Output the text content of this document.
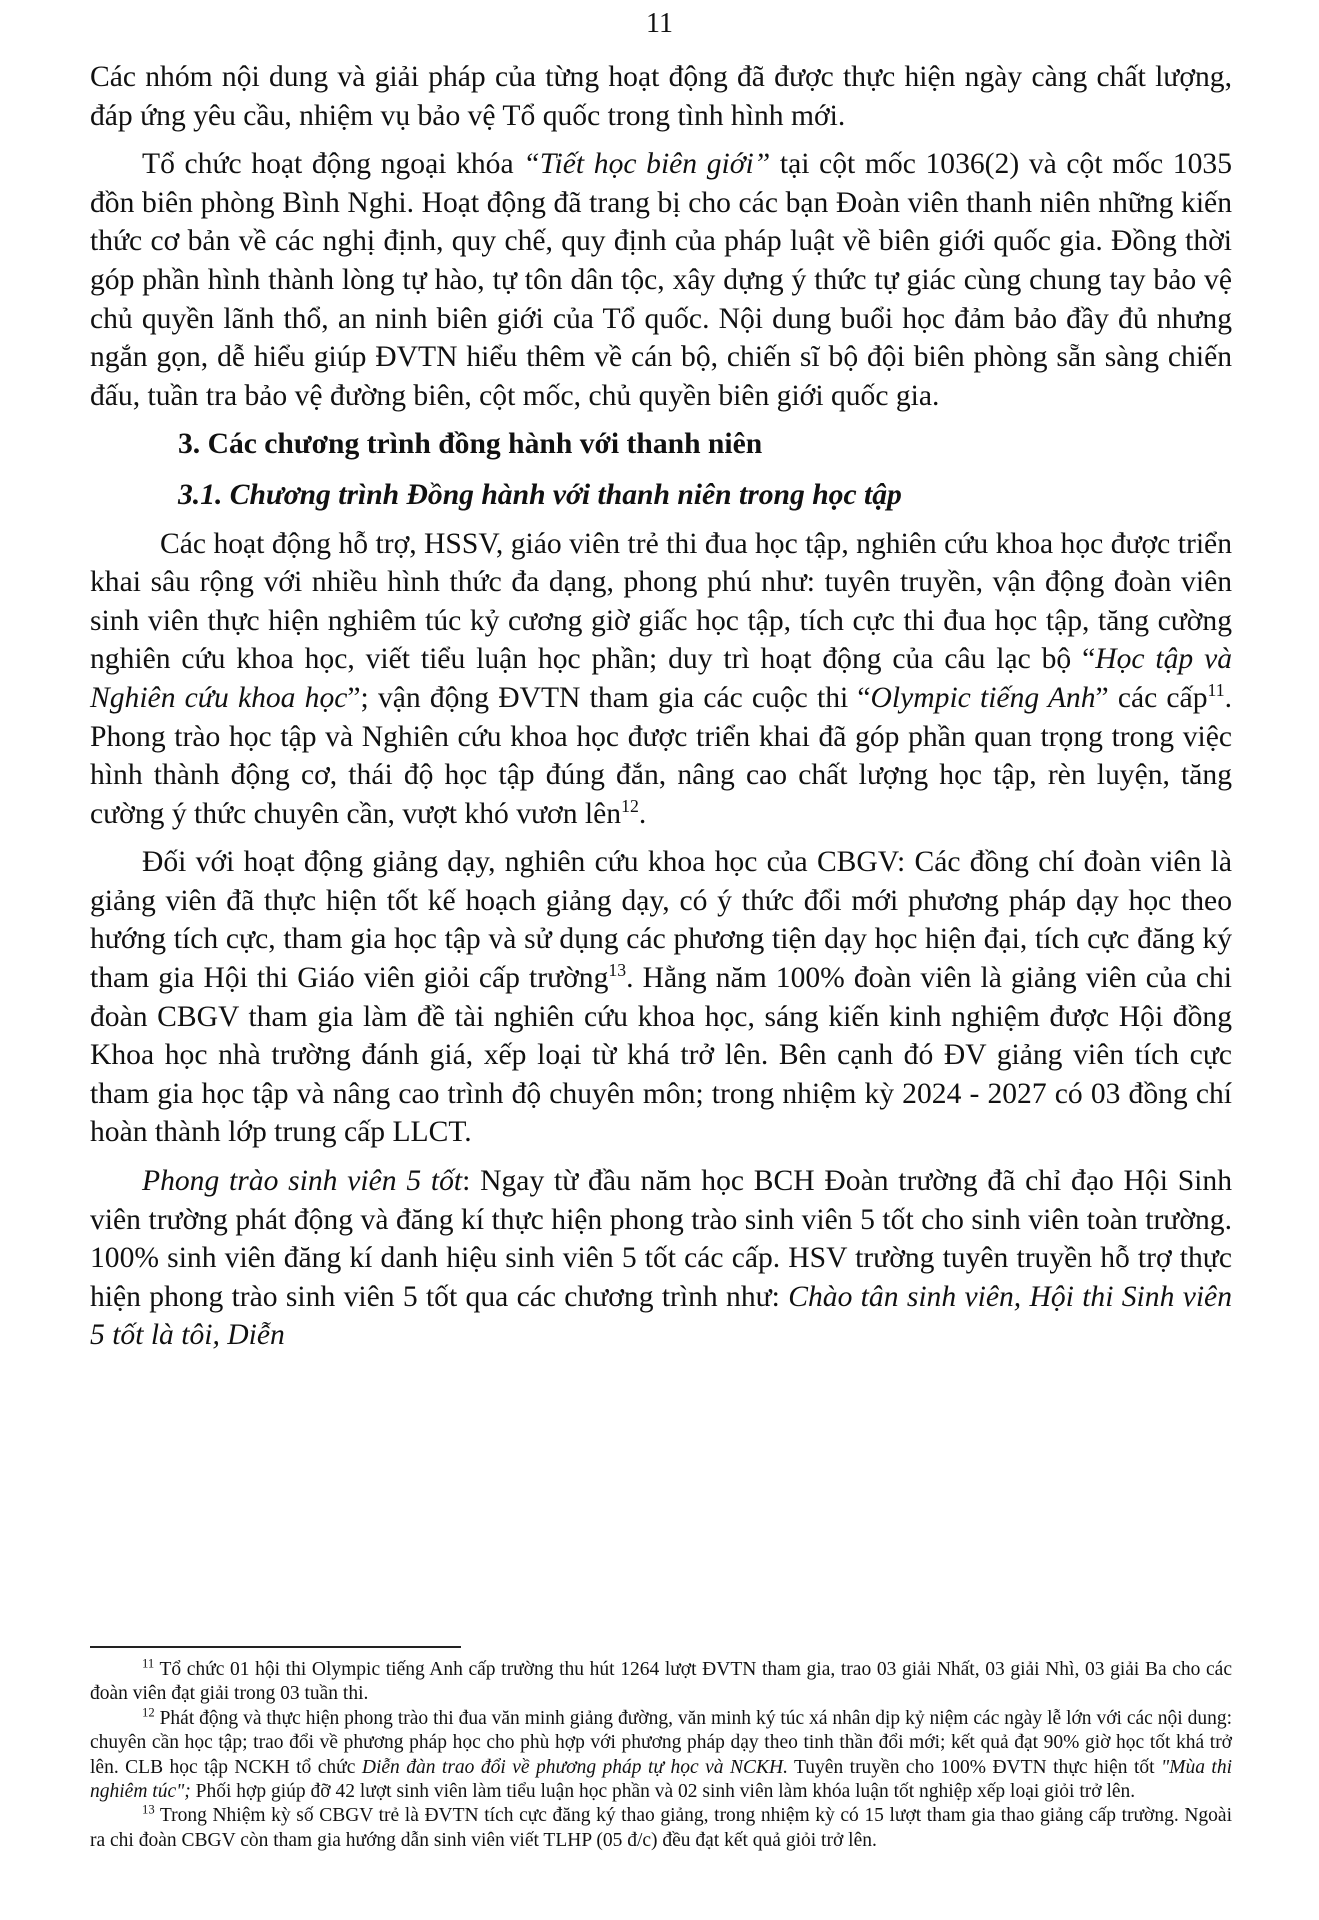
11

Các nhóm nội dung và giải pháp của từng hoạt động đã được thực hiện ngày càng chất lượng, đáp ứng yêu cầu, nhiệm vụ bảo vệ Tổ quốc trong tình hình mới.

Tổ chức hoạt động ngoại khóa “Tiết học biên giới” tại cột mốc 1036(2) và cột mốc 1035 đồn biên phòng Bình Nghi. Hoạt động đã trang bị cho các bạn Đoàn viên thanh niên những kiến thức cơ bản về các nghị định, quy chế, quy định của pháp luật về biên giới quốc gia. Đồng thời góp phần hình thành lòng tự hào, tự tôn dân tộc, xây dựng ý thức tự giác cùng chung tay bảo vệ chủ quyền lãnh thổ, an ninh biên giới của Tổ quốc. Nội dung buổi học đảm bảo đầy đủ nhưng ngắn gọn, dễ hiểu giúp ĐVTN hiểu thêm về cán bộ, chiến sĩ bộ đội biên phòng sẵn sàng chiến đấu, tuần tra bảo vệ đường biên, cột mốc, chủ quyền biên giới quốc gia.

3. Các chương trình đồng hành với thanh niên
3.1. Chương trình Đồng hành với thanh niên trong học tập

Các hoạt động hỗ trợ, HSSV, giáo viên trẻ thi đua học tập, nghiên cứu khoa học được triển khai sâu rộng với nhiều hình thức đa dạng, phong phú như: tuyên truyền, vận động đoàn viên sinh viên thực hiện nghiêm túc kỷ cương giờ giấc học tập, tích cực thi đua học tập, tăng cường nghiên cứu khoa học, viết tiểu luận học phần; duy trì hoạt động của câu lạc bộ “Học tập và Nghiên cứu khoa học”; vận động ĐVTN tham gia các cuộc thi “Olympic tiếng Anh” các cấp$^{11}$. Phong trào học tập và Nghiên cứu khoa học được triển khai đã góp phần quan trọng trong việc hình thành động cơ, thái độ học tập đúng đắn, nâng cao chất lượng học tập, rèn luyện, tăng cường ý thức chuyên cần, vượt khó vươn lên$^{12}$.

Đối với hoạt động giảng dạy, nghiên cứu khoa học của CBGV: Các đồng chí đoàn viên là giảng viên đã thực hiện tốt kế hoạch giảng dạy, có ý thức đổi mới phương pháp dạy học theo hướng tích cực, tham gia học tập và sử dụng các phương tiện dạy học hiện đại, tích cực đăng ký tham gia Hội thi Giáo viên giỏi cấp trường$^{13}$. Hằng năm 100% đoàn viên là giảng viên của chi đoàn CBGV tham gia làm đề tài nghiên cứu khoa học, sáng kiến kinh nghiệm được Hội đồng Khoa học nhà trường đánh giá, xếp loại từ khá trở lên. Bên cạnh đó ĐV giảng viên tích cực tham gia học tập và nâng cao trình độ chuyên môn; trong nhiệm kỳ 2024 - 2027 có 03 đồng chí hoàn thành lớp trung cấp LLCT.

Phong trào sinh viên 5 tốt: Ngay từ đầu năm học BCH Đoàn trường đã chỉ đạo Hội Sinh viên trường phát động và đăng kí thực hiện phong trào sinh viên 5 tốt cho sinh viên toàn trường. 100% sinh viên đăng kí danh hiệu sinh viên 5 tốt các cấp. HSV trường tuyên truyền hỗ trợ thực hiện phong trào sinh viên 5 tốt qua các chương trình như: Chào tân sinh viên, Hội thi Sinh viên 5 tốt là tôi, Diễn

$^{11}$ Tổ chức 01 hội thi Olympic tiếng Anh cấp trường thu hút 1264 lượt ĐVTN tham gia, trao 03 giải Nhất, 03 giải Nhì, 03 giải Ba cho các đoàn viên đạt giải trong 03 tuần thi.

$^{12}$ Phát động và thực hiện phong trào thi đua văn minh giảng đường, văn minh ký túc xá nhân dịp kỷ niệm các ngày lễ lớn với các nội dung: chuyên cần học tập; trao đổi về phương pháp học cho phù hợp với phương pháp dạy theo tinh thần đổi mới; kết quả đạt 90% giờ học tốt khá trở lên. CLB học tập NCKH tổ chức Diễn đàn trao đổi về phương pháp tự học và NCKH. Tuyên truyền cho 100% ĐVTN thực hiện tốt "Mùa thi nghiêm túc"; Phối hợp giúp đỡ 42 lượt sinh viên làm tiểu luận học phần và 02 sinh viên làm khóa luận tốt nghiệp xếp loại giỏi trở lên.

$^{13}$ Trong Nhiệm kỳ số CBGV trẻ là ĐVTN tích cực đăng ký thao giảng, trong nhiệm kỳ có 15 lượt tham gia thao giảng cấp trường. Ngoài ra chi đoàn CBGV còn tham gia hướng dẫn sinh viên viết TLHP (05 đ/c) đều đạt kết quả giỏi trở lên.
